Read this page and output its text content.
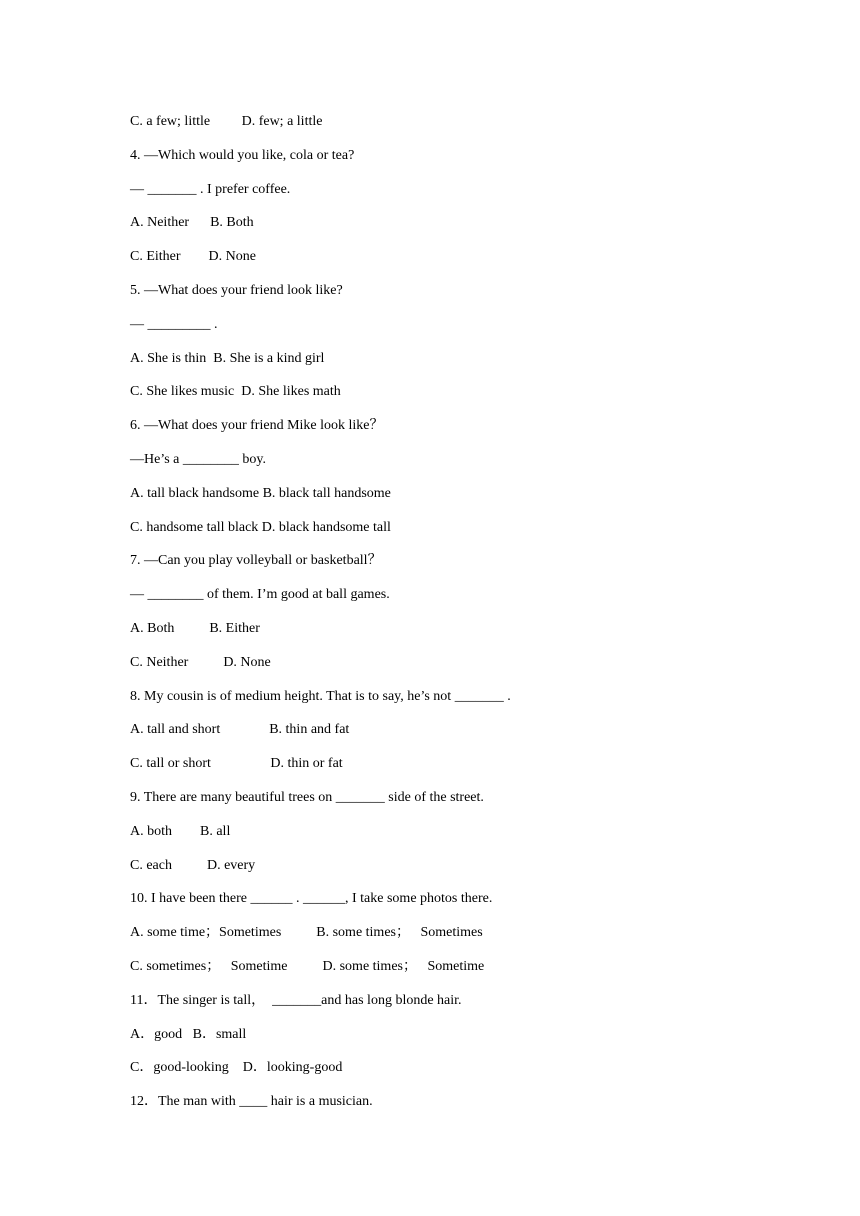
C. a few; little         D. few; a little
4. —Which would you like, cola or tea?
— _______ . I prefer coffee.
A. Neither      B. Both
C. Either        D. None
5. —What does your friend look like?
— _________ .
A. She is thin  B. She is a kind girl
C. She likes music  D. She likes math
6. —What does your friend Mike look like？
—He’s a ________ boy.
A. tall black handsome B. black tall handsome
C. handsome tall black D. black handsome tall
7. —Can you play volleyball or basketball？
— ________ of them. I’m good at ball games.
A. Both          B. Either
C. Neither          D. None
8. My cousin is of medium height. That is to say, he’s not _______ .
A. tall and short              B. thin and fat
C. tall or short                 D. thin or fat
9. There are many beautiful trees on _______ side of the street.
A. both        B. all
C. each          D. every
10. I have been there ______ . ______, I take some photos there.
A. some time；Sometimes          B. some times；   Sometimes
C. sometimes；   Sometime          D. some times；   Sometime
11．The singer is tall，  _______and has long blonde hair.
A．good   B．small
C．good-looking    D．looking-good
12．The man with ____ hair is a musician.
